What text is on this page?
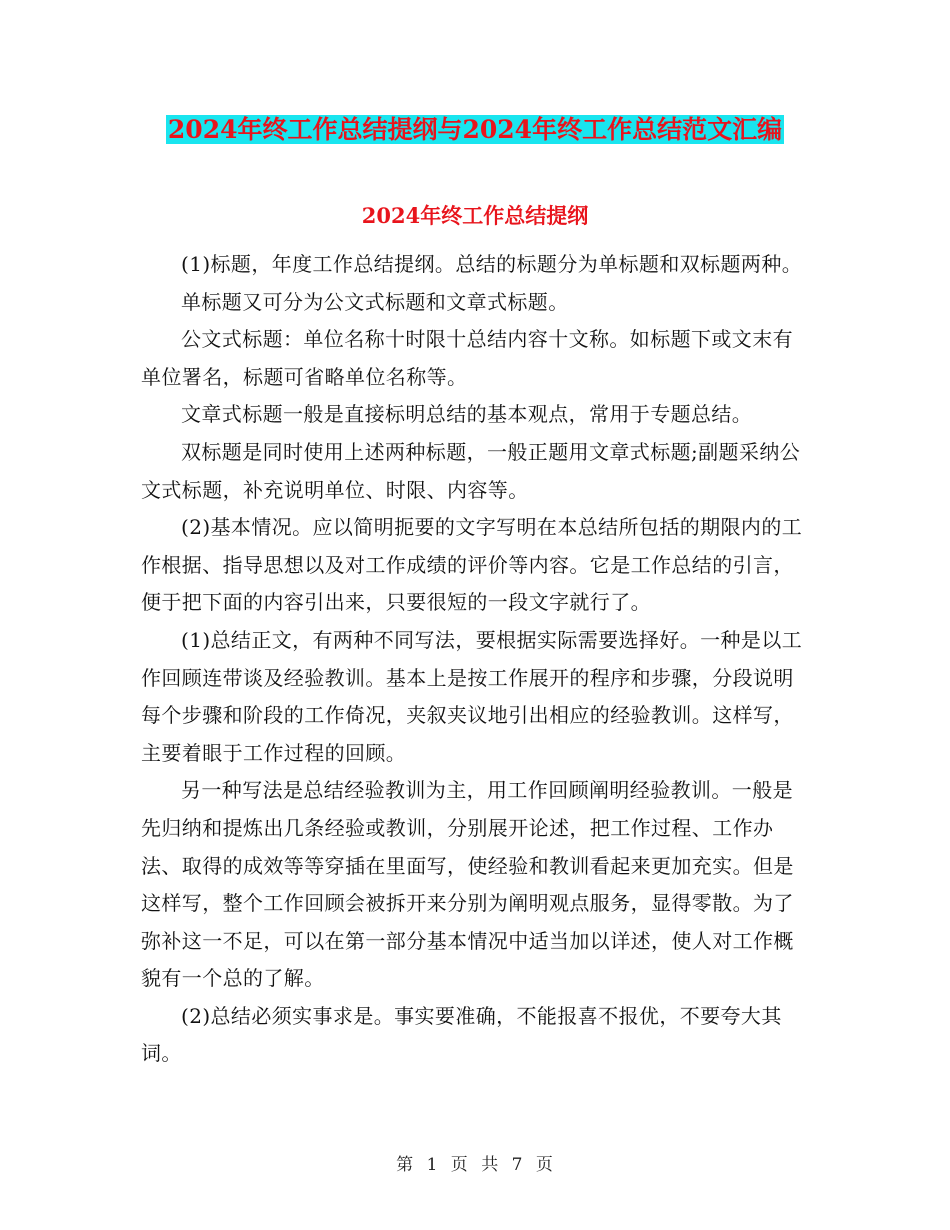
2024年终工作总结提纲与2024年终工作总结范文汇编
2024年终工作总结提纲

(1)标题，年度工作总结提纲。总结的标题分为单标题和双标题两种。

单标题又可分为公文式标题和文章式标题。

公文式标题：单位名称十时限十总结内容十文称。如标题下或文末有单位署名，标题可省略单位名称等。

文章式标题一般是直接标明总结的基本观点，常用于专题总结。

双标题是同时使用上述两种标题，一般正题用文章式标题;副题采纳公文式标题，补充说明单位、时限、内容等。

(2)基本情况。应以简明扼要的文字写明在本总结所包括的期限内的工作根据、指导思想以及对工作成绩的评价等内容。它是工作总结的引言，便于把下面的内容引出来，只要很短的一段文字就行了。

(1)总结正文，有两种不同写法，要根据实际需要选择好。一种是以工作回顾连带谈及经验教训。基本上是按工作展开的程序和步骤，分段说明每个步骤和阶段的工作倚况，夹叙夹议地引出相应的经验教训。这样写，主要着眼于工作过程的回顾。

另一种写法是总结经验教训为主，用工作回顾阐明经验教训。一般是先归纳和提炼出几条经验或教训，分别展开论述，把工作过程、工作办法、取得的成效等等穿插在里面写，使经验和教训看起来更加充实。但是这样写，整个工作回顾会被拆开来分别为阐明观点服务，显得零散。为了弥补这一不足，可以在第一部分基本情况中适当加以详述，使人对工作概貌有一个总的了解。

(2)总结必须实事求是。事实要准确，不能报喜不报优，不要夸大其词。

第 1 页 共 7 页
